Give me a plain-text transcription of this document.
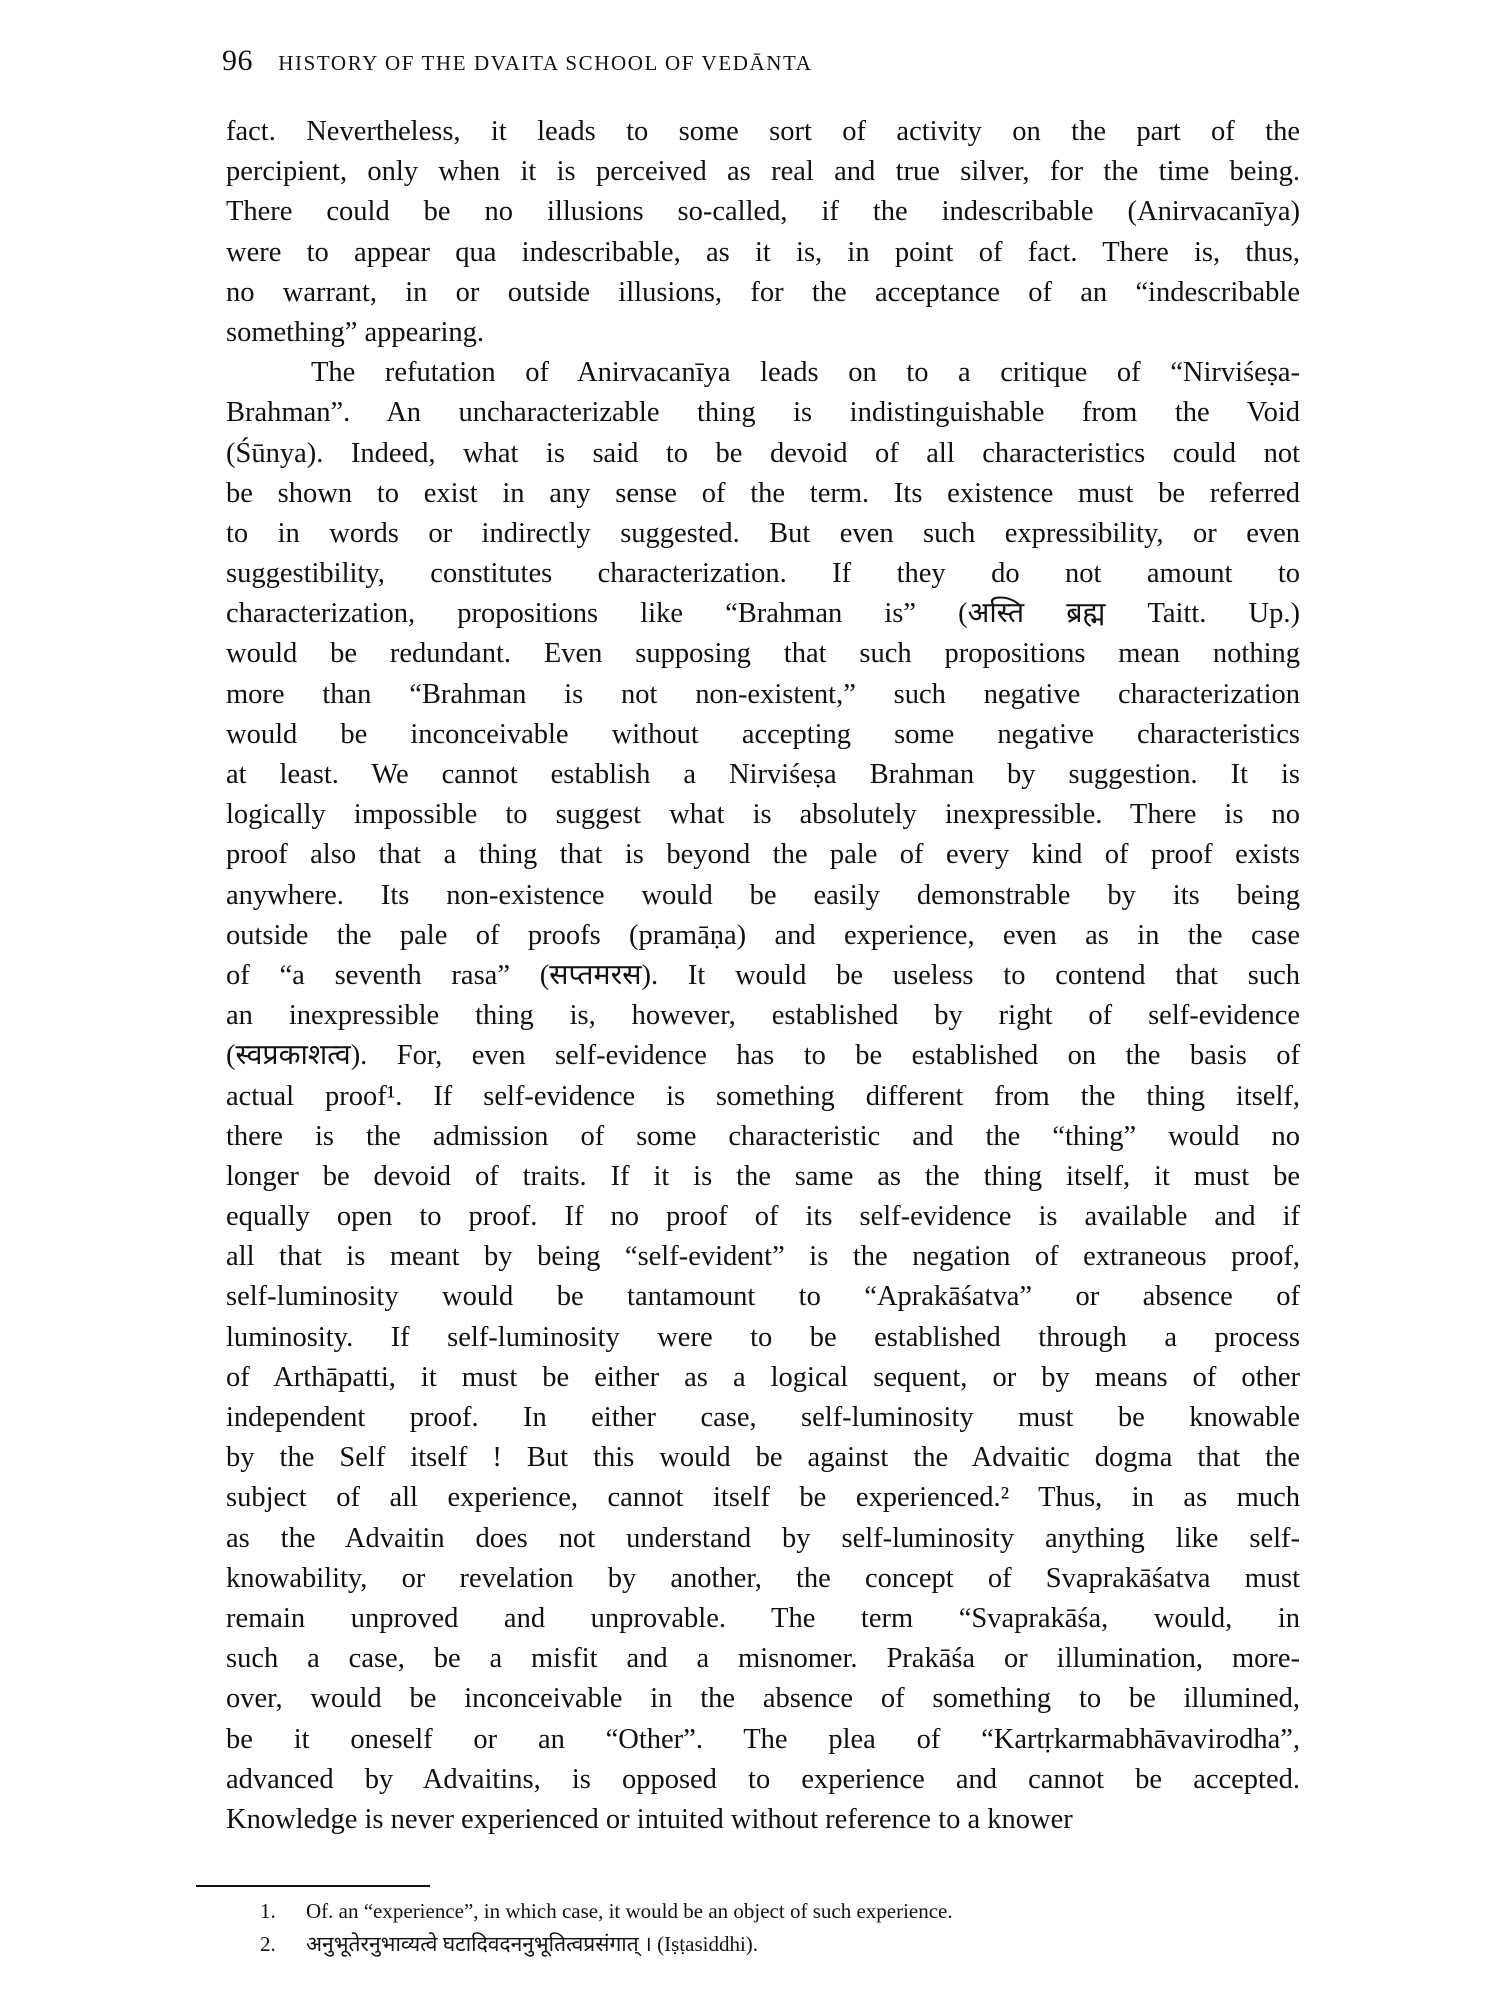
96 HISTORY OF THE DVAITA SCHOOL OF VEDĀNTA
fact. Nevertheless, it leads to some sort of activity on the part of the
percipient, only when it is perceived as real and true silver, for the time being.
There could be no illusions so-called, if the indescribable (Anirvacanīya)
were to appear qua indescribable, as it is, in point of fact. There is, thus,
no warrant, in or outside illusions, for the acceptance of an “indescribable
something” appearing.
The refutation of Anirvacanīya leads on to a critique of “Nirviśeṣa-
Brahman”. An uncharacterizable thing is indistinguishable from the Void
(Śūnya). Indeed, what is said to be devoid of all characteristics could not
be shown to exist in any sense of the term. Its existence must be referred
to in words or indirectly suggested. But even such expressibility, or even
suggestibility, constitutes characterization. If they do not amount to
characterization, propositions like “Brahman is” (अस्ति ब्रह्म Taitt. Up.)
would be redundant. Even supposing that such propositions mean nothing
more than “Brahman is not non-existent,” such negative characterization
would be inconceivable without accepting some negative characteristics
at least. We cannot establish a Nirviśeṣa Brahman by suggestion. It is
logically impossible to suggest what is absolutely inexpressible. There is no
proof also that a thing that is beyond the pale of every kind of proof exists
anywhere. Its non-existence would be easily demonstrable by its being
outside the pale of proofs (pramāṇa) and experience, even as in the case
of “a seventh rasa” (सप्तमरस). It would be useless to contend that such
an inexpressible thing is, however, established by right of self-evidence
(स्वप्रकाशत्व). For, even self-evidence has to be established on the basis of
actual proof¹. If self-evidence is something different from the thing itself,
there is the admission of some characteristic and the “thing” would no
longer be devoid of traits. If it is the same as the thing itself, it must be
equally open to proof. If no proof of its self-evidence is available and if
all that is meant by being “self-evident” is the negation of extraneous proof,
self-luminosity would be tantamount to “Aprakāśatva” or absence of
luminosity. If self-luminosity were to be established through a process
of Arthāpatti, it must be either as a logical sequent, or by means of other
independent proof. In either case, self-luminosity must be knowable
by the Self itself ! But this would be against the Advaitic dogma that the
subject of all experience, cannot itself be experienced.² Thus, in as much
as the Advaitin does not understand by self-luminosity anything like self-
knowability, or revelation by another, the concept of Svaprakāśatva must
remain unproved and unprovable. The term “Svaprakāśa, would, in
such a case, be a misfit and a misnomer. Prakāśa or illumination, more-
over, would be inconceivable in the absence of something to be illumined,
be it oneself or an “Other”. The plea of “Kartṛkarmabhāvavirodha”,
advanced by Advaitins, is opposed to experience and cannot be accepted.
Knowledge is never experienced or intuited without reference to a knower
1. Of. an “experience”, in which case, it would be an object of such experience.
2. अनुभूतेरनुभाव्यत्वे घटादिवदननुभूतित्वप्रसंगात् । (Iṣṭasiddhi).
